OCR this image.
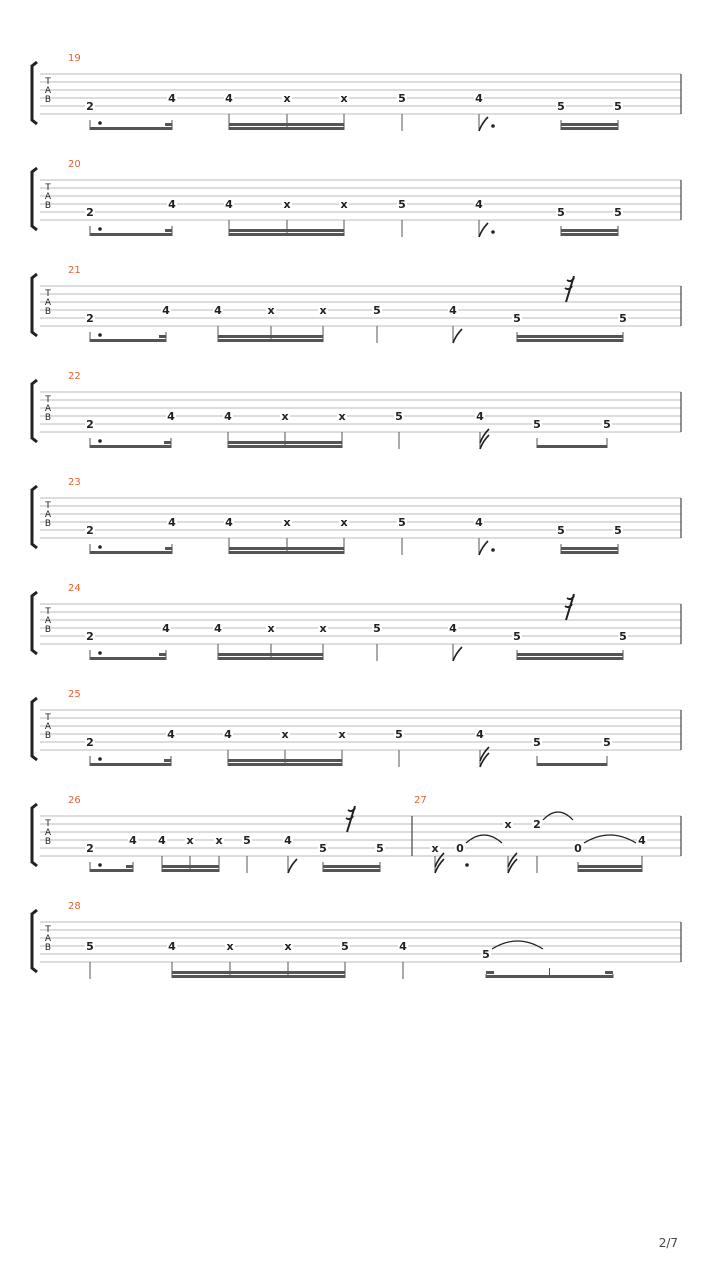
T
A
B
19
2
4	4	x	x	5	4
5	5
T
A
B
20
2
4	4	x	x	5	4
5	5
T
A
B
21
2
4	4	x	x	5	4
5	5
T
A
B
22
2
4	4	x	x	5	4
5	5
T
A
B
23
2
4	4	x	x	5	4
5	5
T
A
B
24
2
4	4	x	x	5	4
5	5
T
A
B
25
2
4	4	x	x	5	4
5	5
T
A
B
26	27
2
4 4 x x 5	4
5	5	x 0
x 2
0
4
T
A
B
28
5	4	x	x	5	4
5
2/7
